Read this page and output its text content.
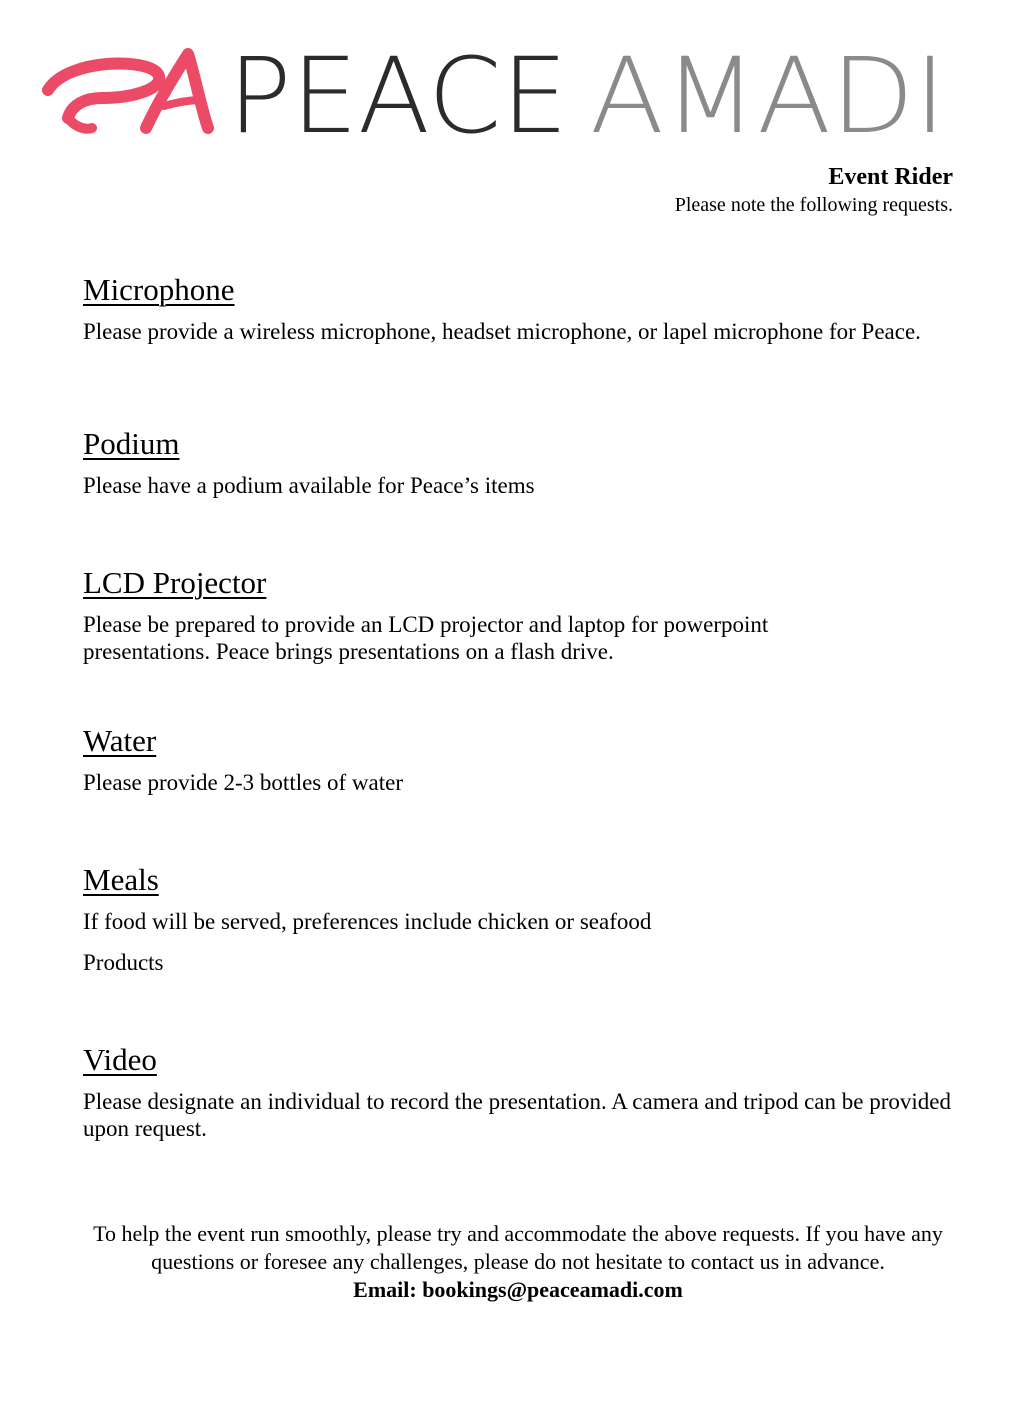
PEACE AMADI
Event Rider
Please note the following requests.
Microphone
Please provide a wireless microphone, headset microphone, or lapel microphone for Peace.
Podium
Please have a podium available for Peace’s items
LCD Projector
Please be prepared to provide an LCD projector and laptop for powerpoint presentations. Peace brings presentations on a flash drive.
Water
Please provide 2-3 bottles of water
Meals
If food will be served, preferences include chicken or seafood
Products
Video
Please designate an individual to record the presentation. A camera and tripod can be provided upon request.
To help the event run smoothly, please try and accommodate the above requests. If you have any questions or foresee any challenges, please do not hesitate to contact us in advance.
Email: bookings@peaceamadi.com
